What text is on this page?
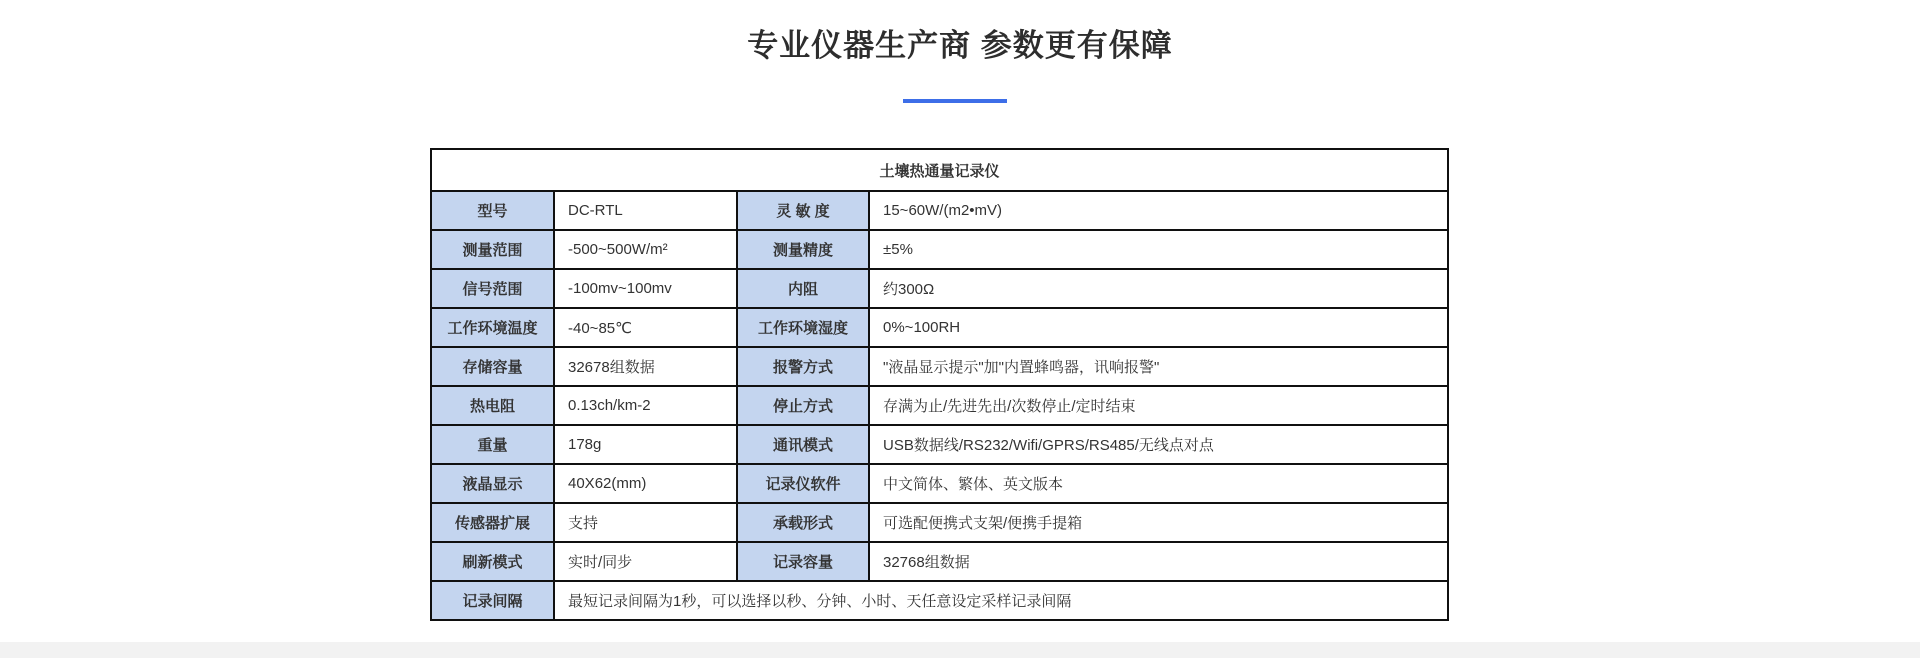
专业仪器生产商 参数更有保障
土壤热通量记录仪			
型号	DC-RTL	灵 敏 度	15~60W/(m2•mV)
测量范围	-500~500W/m²	测量精度	±5%
信号范围	-100mv~100mv	内阻	约300Ω
工作环境温度	-40~85℃	工作环境湿度	0%~100RH
存储容量	32678组数据	报警方式	"液晶显示提示"加"内置蜂鸣器，讯响报警"
热电阻	0.13ch/km-2	停止方式	存满为止/先进先出/次数停止/定时结束
重量	178g	通讯模式	USB数据线/RS232/Wifi/GPRS/RS485/无线点对点
液晶显示	40X62(mm)	记录仪软件	中文简体、繁体、英文版本
传感器扩展	支持	承载形式	可选配便携式支架/便携手提箱
刷新模式	实时/同步	记录容量	32768组数据
记录间隔	最短记录间隔为1秒，可以选择以秒、分钟、小时、天任意设定采样记录间隔		
